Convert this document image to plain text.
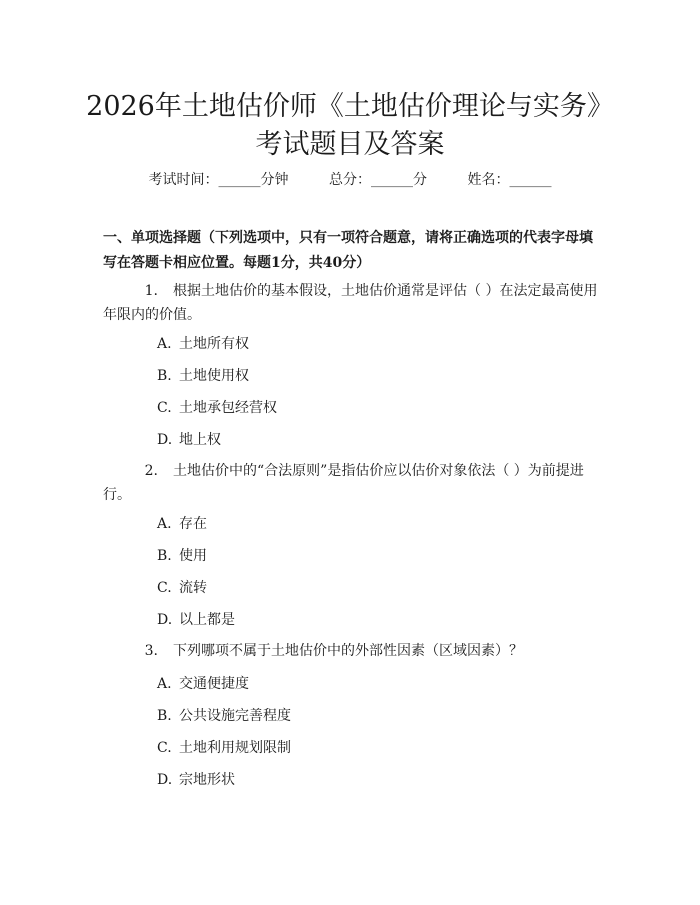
2026年土地估价师《土地估价理论与实务》
考试题目及答案
考试时间：______分钟	总分：______分	姓名：______
一、单项选择题（下列选项中，只有一项符合题意，请将正确选项的代表字母填写在答题卡相应位置。每题1分，共40分）
1. 根据土地估价的基本假设，土地估价通常是评估（ ）在法定最高使用年限内的价值。
A. 土地所有权
B. 土地使用权
C. 土地承包经营权
D. 地上权
2. 土地估价中的“合法原则”是指估价应以估价对象依法（ ）为前提进行。
A. 存在
B. 使用
C. 流转
D. 以上都是
3. 下列哪项不属于土地估价中的外部性因素（区域因素）？
A. 交通便捷度
B. 公共设施完善程度
C. 土地利用规划限制
D. 宗地形状
